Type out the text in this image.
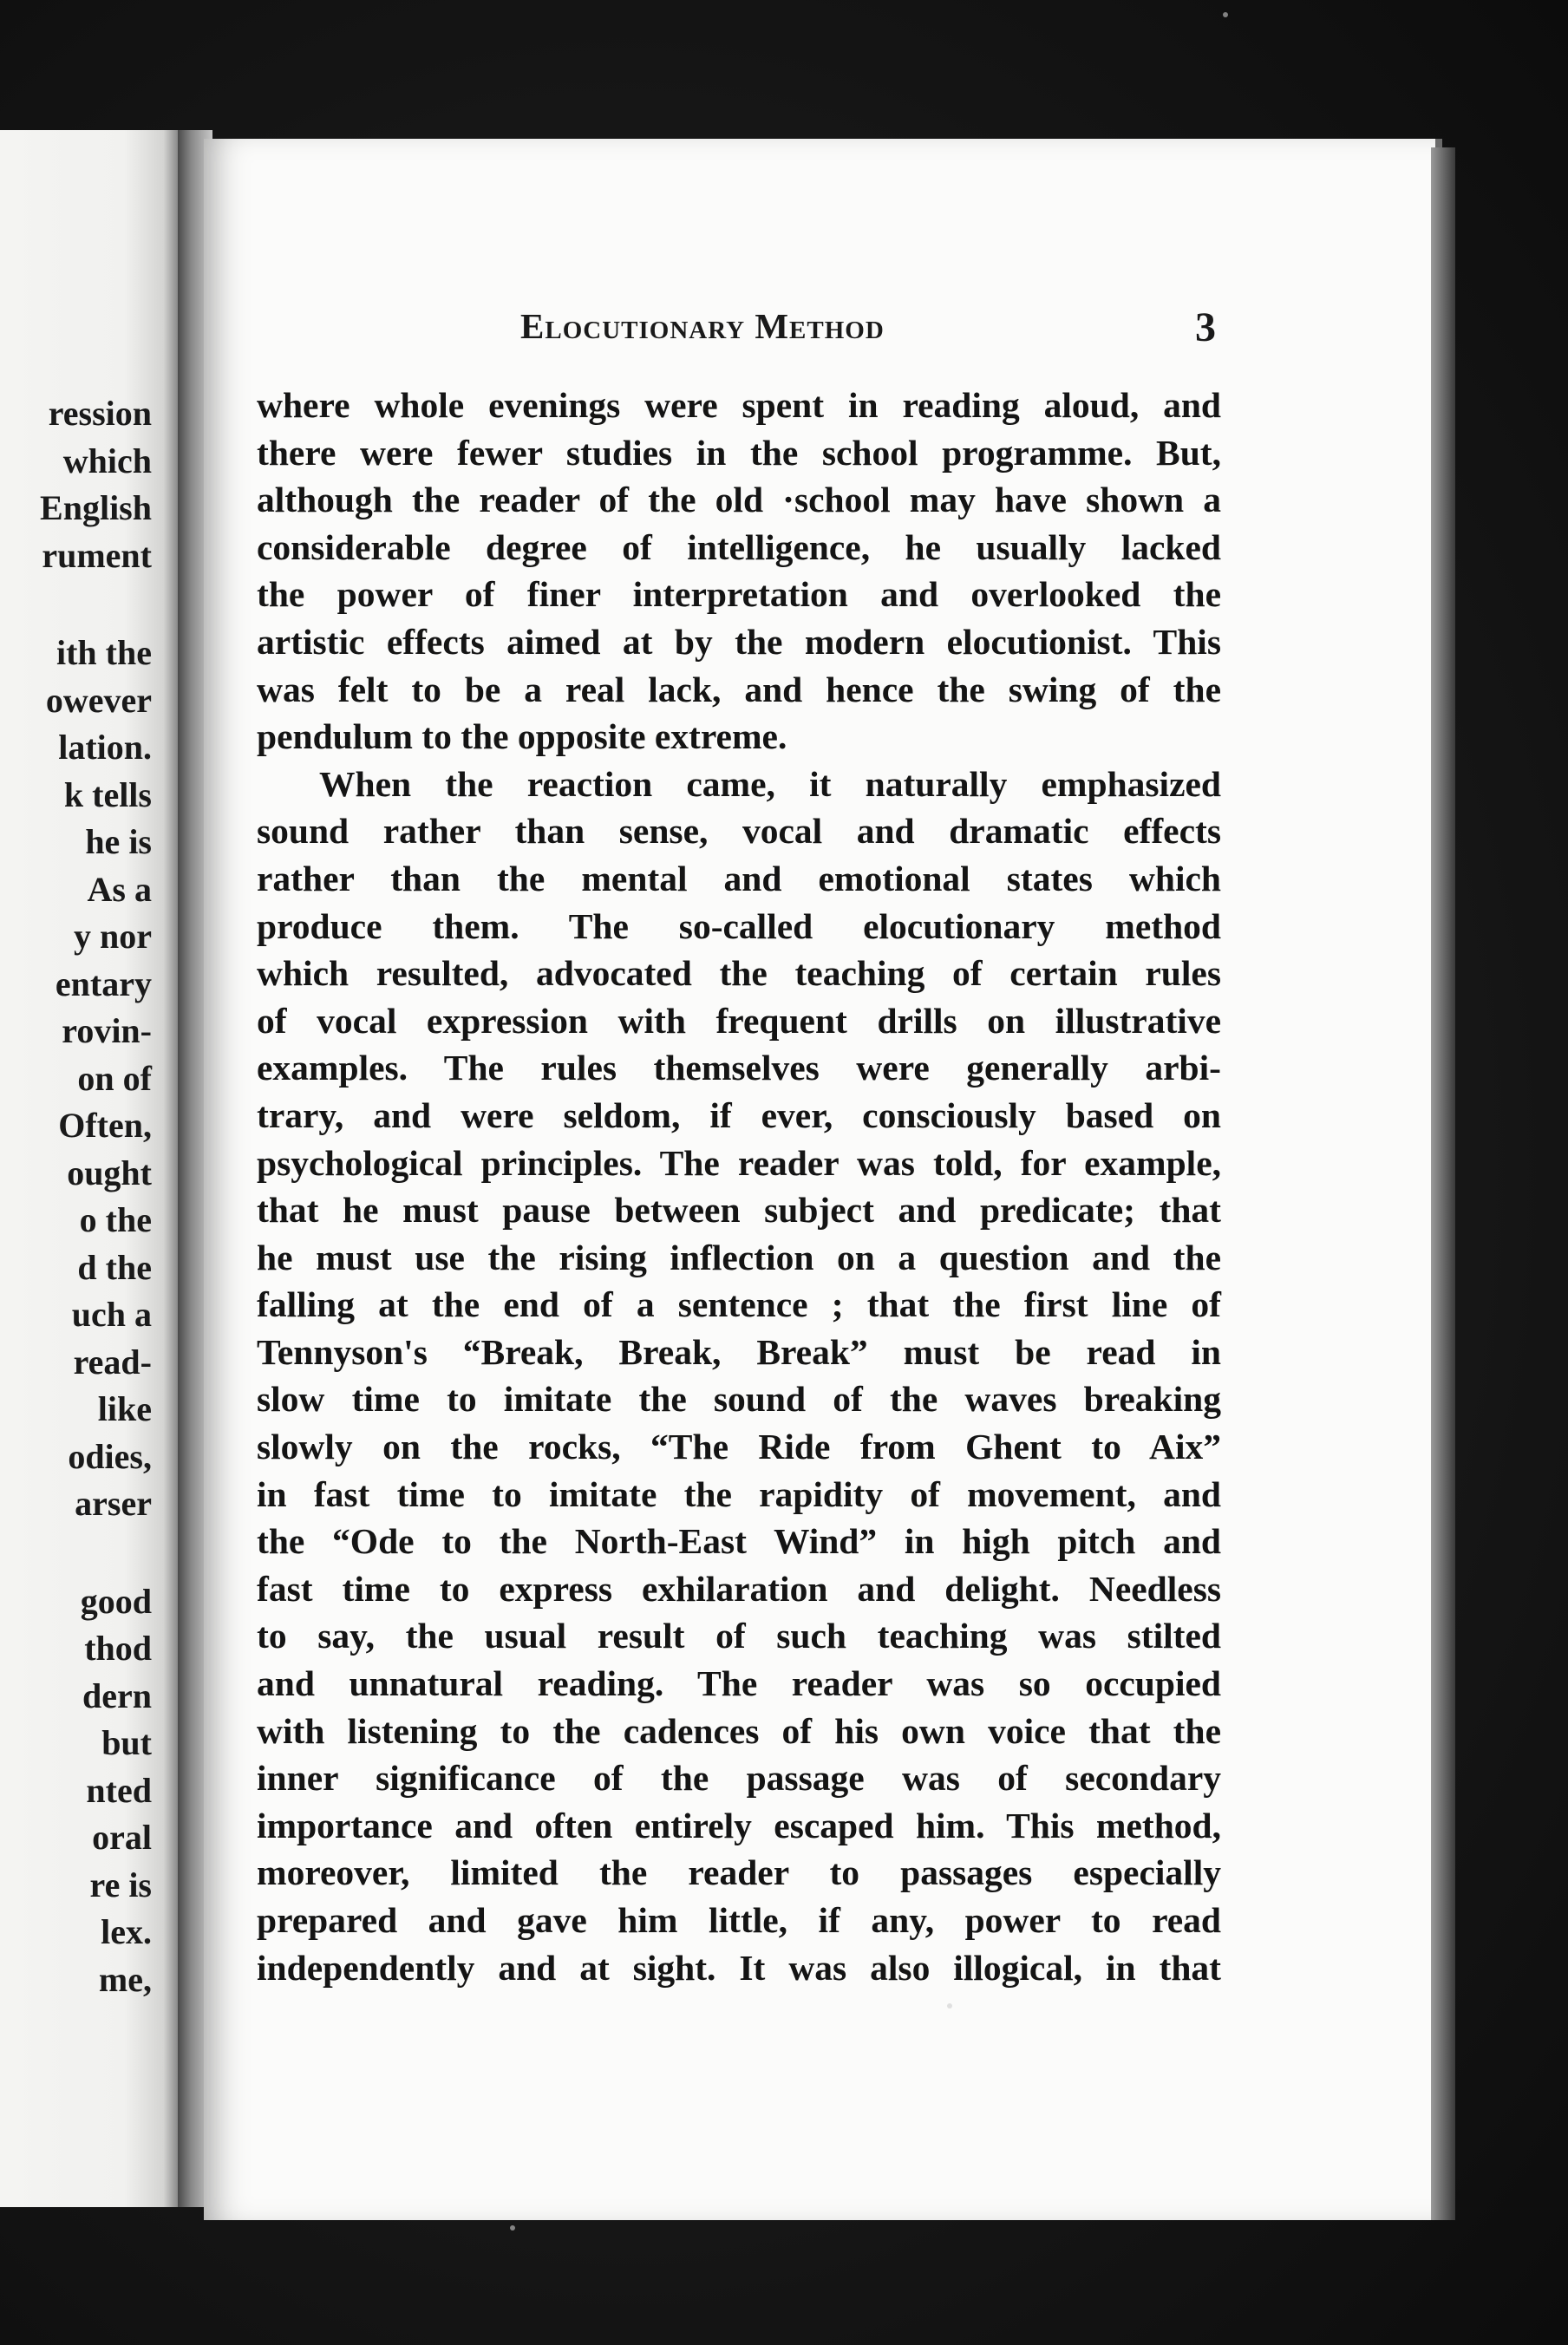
ression
which
English
rument
ith the
owever
lation.
k tells
he is
As a
y nor
entary
rovin-
on of
Often,
ought
o the
d the
uch a
read-
like
odies,
arser
good
thod
dern
but
nted
oral
re is
lex.
me,
Elocutionary Method	3
where whole evenings were spent in reading aloud, and
there were fewer studies in the school programme. But,
although the reader of the old ·school may have shown a
considerable degree of intelligence, he usually lacked
the power of finer interpretation and overlooked the
artistic effects aimed at by the modern elocutionist. This
was felt to be a real lack, and hence the swing of the
pendulum to the opposite extreme.
When the reaction came, it naturally emphasized
sound rather than sense, vocal and dramatic effects
rather than the mental and emotional states which
produce them. The so-called elocutionary method
which resulted, advocated the teaching of certain rules
of vocal expression with frequent drills on illustrative
examples. The rules themselves were generally arbi-
trary, and were seldom, if ever, consciously based on
psychological principles. The reader was told, for example,
that he must pause between subject and predicate; that
he must use the rising inflection on a question and the
falling at the end of a sentence ; that the first line of
Tennyson's “Break, Break, Break” must be read in
slow time to imitate the sound of the waves breaking
slowly on the rocks, “The Ride from Ghent to Aix”
in fast time to imitate the rapidity of movement, and
the “Ode to the North-East Wind” in high pitch and
fast time to express exhilaration and delight. Needless
to say, the usual result of such teaching was stilted
and unnatural reading. The reader was so occupied
with listening to the cadences of his own voice that the
inner significance of the passage was of secondary
importance and often entirely escaped him. This method,
moreover, limited the reader to passages especially
prepared and gave him little, if any, power to read
independently and at sight. It was also illogical, in that
